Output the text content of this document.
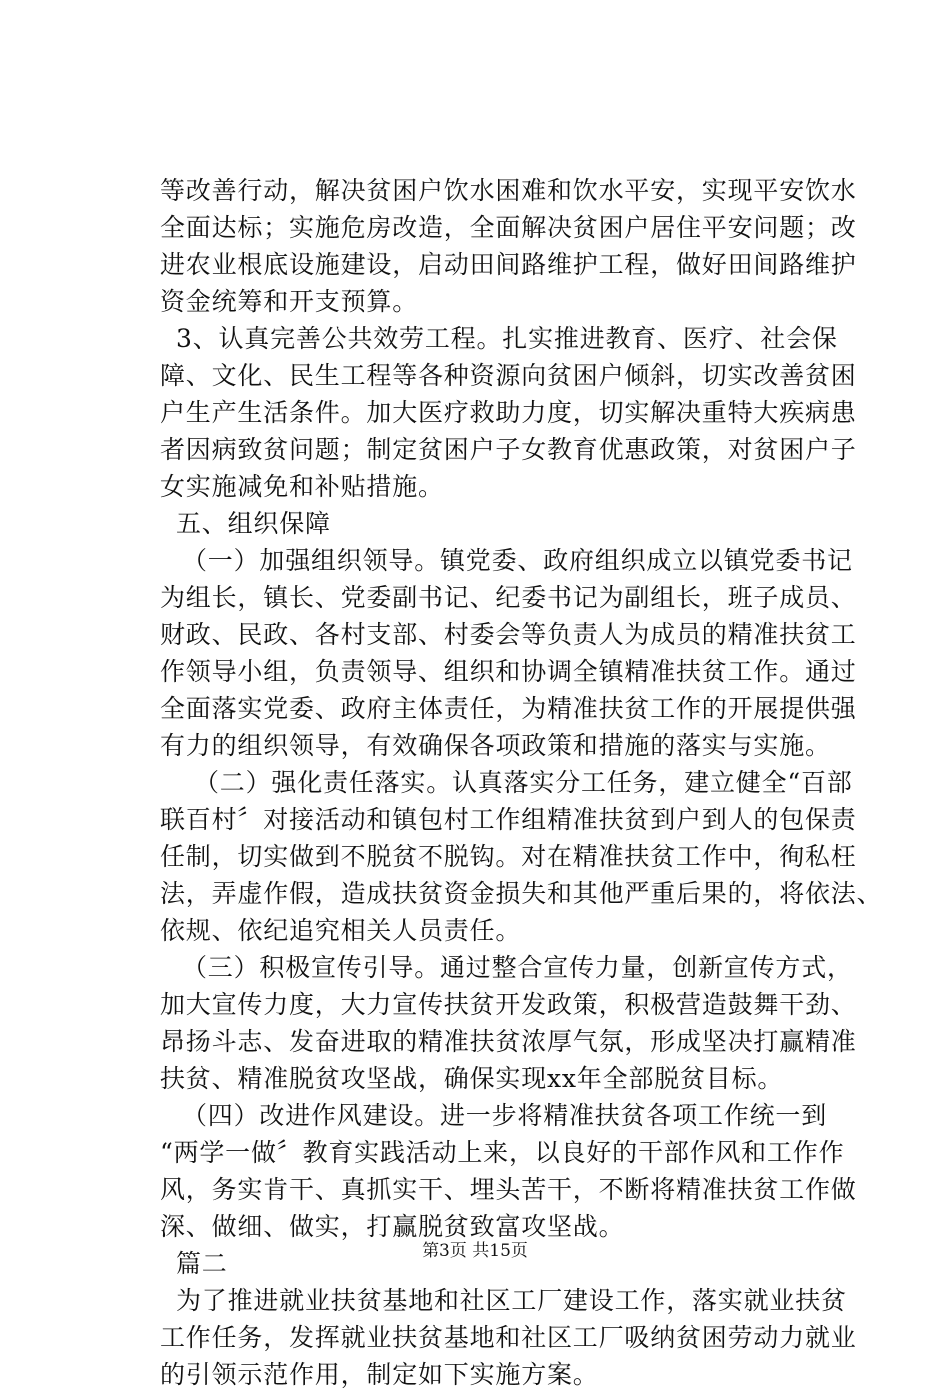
等改善行动，解决贫困户饮水困难和饮水平安，实现平安饮水
全面达标；实施危房改造，全面解决贫困户居住平安问题；改
进农业根底设施建设，启动田间路维护工程，做好田间路维护
资金统筹和开支预算。
3、认真完善公共效劳工程。扎实推进教育、医疗、社会保
障、文化、民生工程等各种资源向贫困户倾斜，切实改善贫困
户生产生活条件。加大医疗救助力度，切实解决重特大疾病患
者因病致贫问题；制定贫困户子女教育优惠政策，对贫困户子
女实施减免和补贴措施。
五、组织保障
（一）加强组织领导。镇党委、政府组织成立以镇党委书记
为组长，镇长、党委副书记、纪委书记为副组长，班子成员、
财政、民政、各村支部、村委会等负责人为成员的精准扶贫工
作领导小组，负责领导、组织和协调全镇精准扶贫工作。通过
全面落实党委、政府主体责任，为精准扶贫工作的开展提供强
有力的组织领导，有效确保各项政策和措施的落实与实施。
（二）强化责任落实。认真落实分工任务，建立健全“百部
联百村〞对接活动和镇包村工作组精准扶贫到户到人的包保责
任制，切实做到不脱贫不脱钩。对在精准扶贫工作中，徇私枉
法，弄虚作假，造成扶贫资金损失和其他严重后果的，将依法、
依规、依纪追究相关人员责任。
（三）积极宣传引导。通过整合宣传力量，创新宣传方式，
加大宣传力度，大力宣传扶贫开发政策，积极营造鼓舞干劲、
昂扬斗志、发奋进取的精准扶贫浓厚气氛，形成坚决打赢精准
扶贫、精准脱贫攻坚战，确保实现xx年全部脱贫目标。
（四）改进作风建设。进一步将精准扶贫各项工作统一到
“两学一做〞教育实践活动上来，以良好的干部作风和工作作
风，务实肯干、真抓实干、埋头苦干，不断将精准扶贫工作做
深、做细、做实，打赢脱贫致富攻坚战。
篇二
为了推进就业扶贫基地和社区工厂建设工作，落实就业扶贫
工作任务，发挥就业扶贫基地和社区工厂吸纳贫困劳动力就业
的引领示范作用，制定如下实施方案。
第3页 共15页
